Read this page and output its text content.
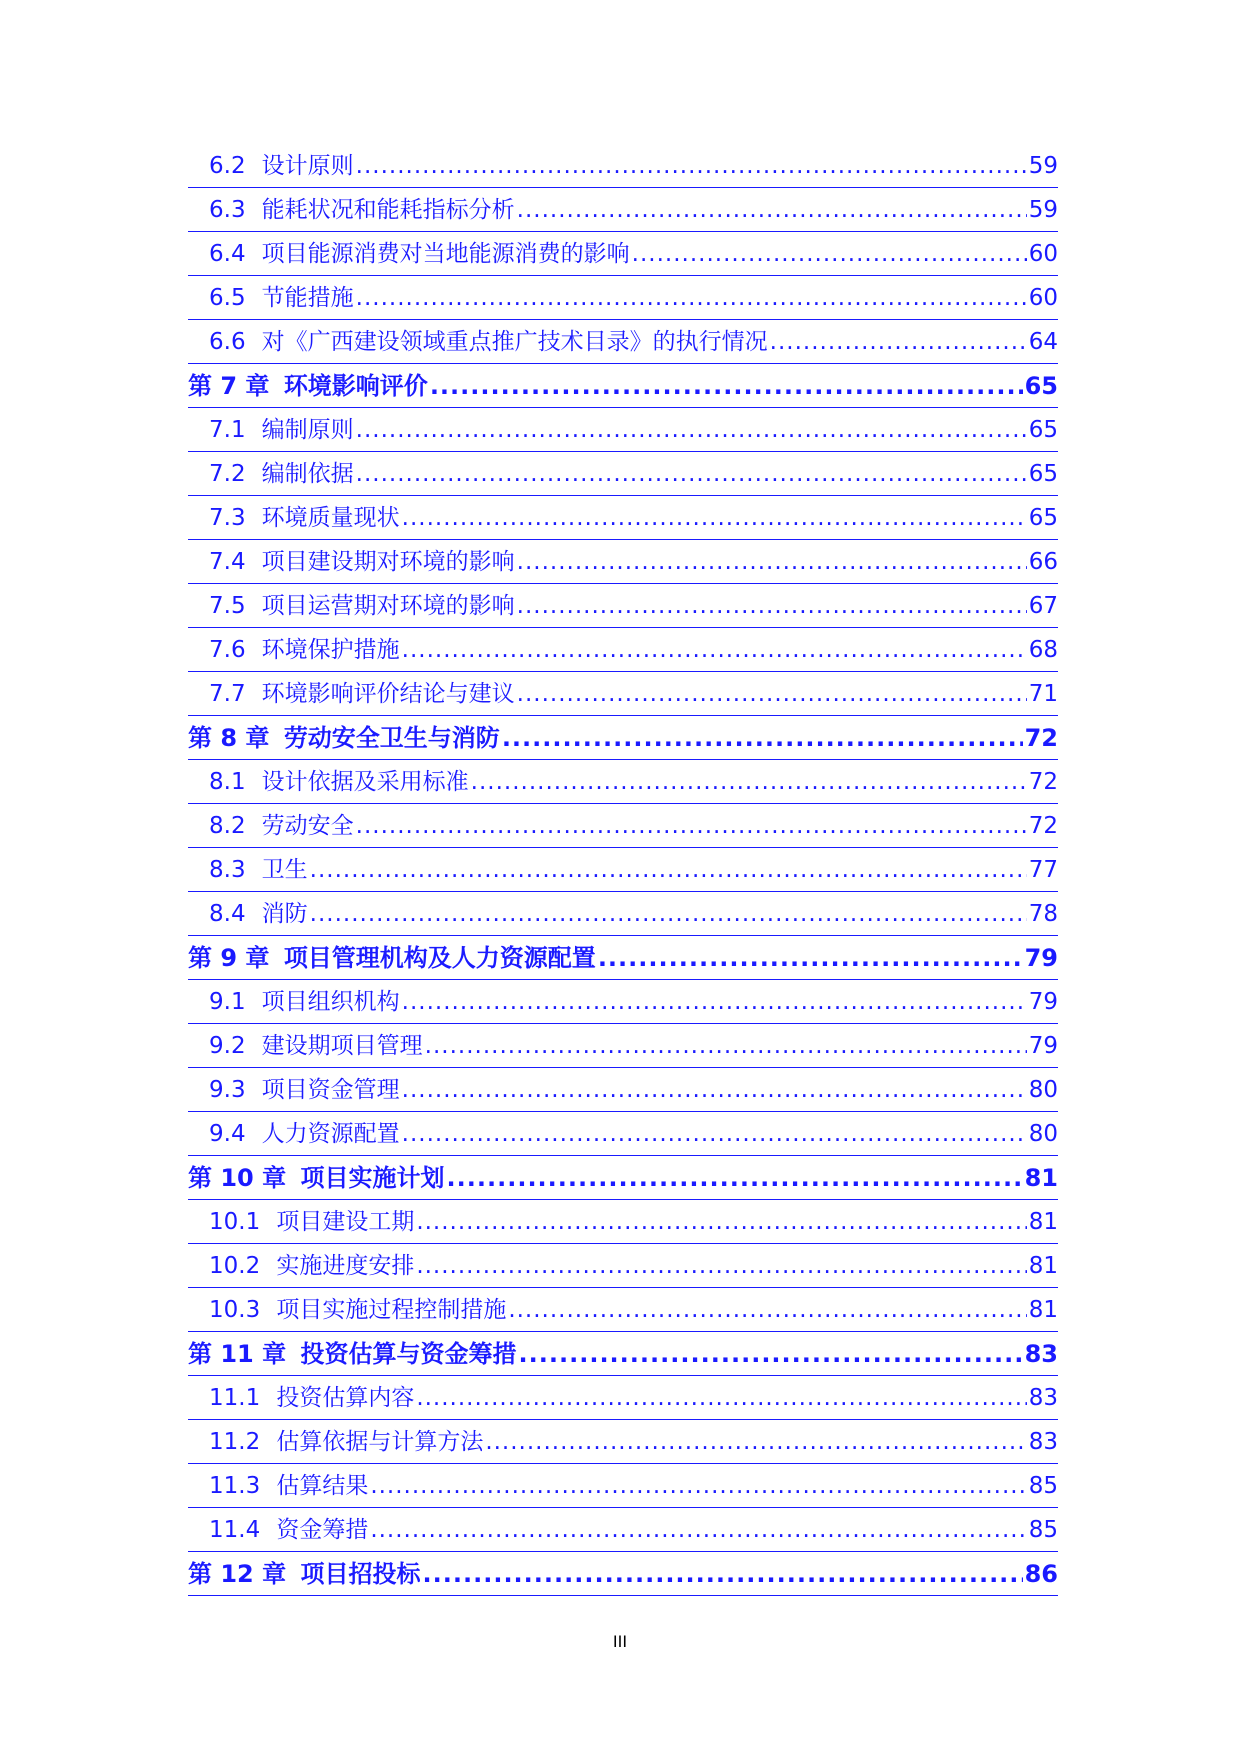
6.2 设计原则 .....	59
6.3 能耗状况和能耗指标分析 .....	59
6.4 项目能源消费对当地能源消费的影响 .....	60
6.5 节能措施 .....	60
6.6 对《广西建设领域重点推广技术目录》的执行情况 .....	64
第 7 章 环境影响评价 .....	65
7.1 编制原则 .....	65
7.2 编制依据 .....	65
7.3 环境质量现状 .....	65
7.4 项目建设期对环境的影响 .....	66
7.5 项目运营期对环境的影响 .....	67
7.6 环境保护措施 .....	68
7.7 环境影响评价结论与建议 .....	71
第 8 章 劳动安全卫生与消防 .....	72
8.1 设计依据及采用标准 .....	72
8.2 劳动安全 .....	72
8.3 卫生 .....	77
8.4 消防 .....	78
第 9 章 项目管理机构及人力资源配置 .....	79
9.1 项目组织机构 .....	79
9.2 建设期项目管理 .....	79
9.3 项目资金管理 .....	80
9.4 人力资源配置 .....	80
第 10 章 项目实施计划 .....	81
10.1 项目建设工期 .....	81
10.2 实施进度安排 .....	81
10.3 项目实施过程控制措施 .....	81
第 11 章 投资估算与资金筹措 .....	83
11.1 投资估算内容 .....	83
11.2 估算依据与计算方法 .....	83
11.3 估算结果 .....	85
11.4 资金筹措 .....	85
第 12 章 项目招投标 .....	86
III
